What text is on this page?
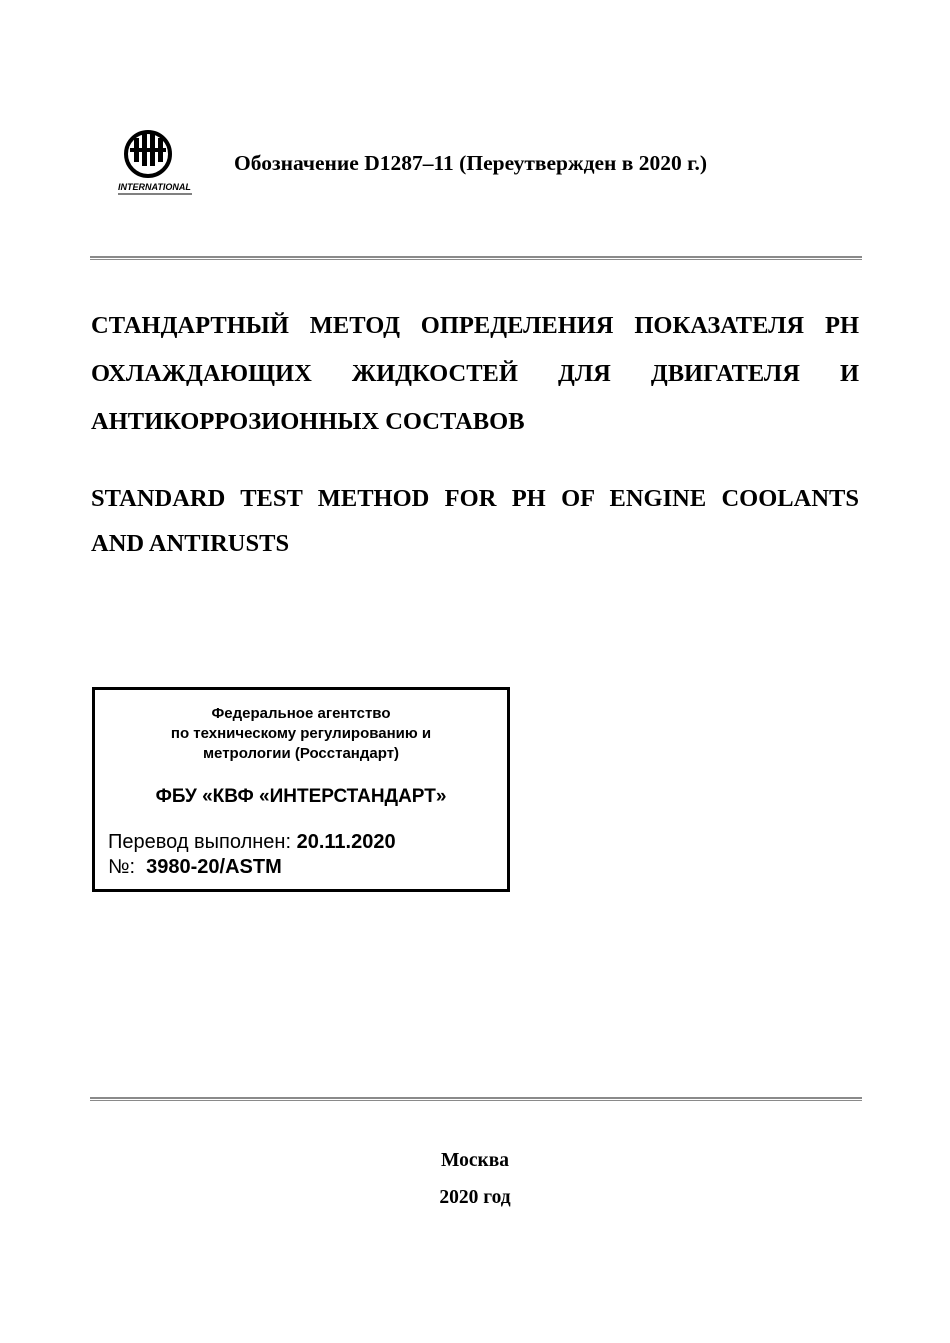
INTERNATIONAL
Обозначение D1287–11 (Переутвержден в 2020 г.)
СТАНДАРТНЫЙ МЕТОД ОПРЕДЕЛЕНИЯ ПОКАЗАТЕЛЯ PH
ОХЛАЖДАЮЩИХ ЖИДКОСТЕЙ ДЛЯ ДВИГАТЕЛЯ И
АНТИКОРРОЗИОННЫХ СОСТАВОВ
STANDARD TEST METHOD FOR PH OF ENGINE COOLANTS
AND ANTIRUSTS
Федеральное агентство
по техническому регулированию и
метрологии (Росстандарт)
ФБУ «КВФ «ИНТЕРСТАНДАРТ»
Перевод выполнен: 20.11.2020
№: 3980-20/ASTM
Москва
2020 год
